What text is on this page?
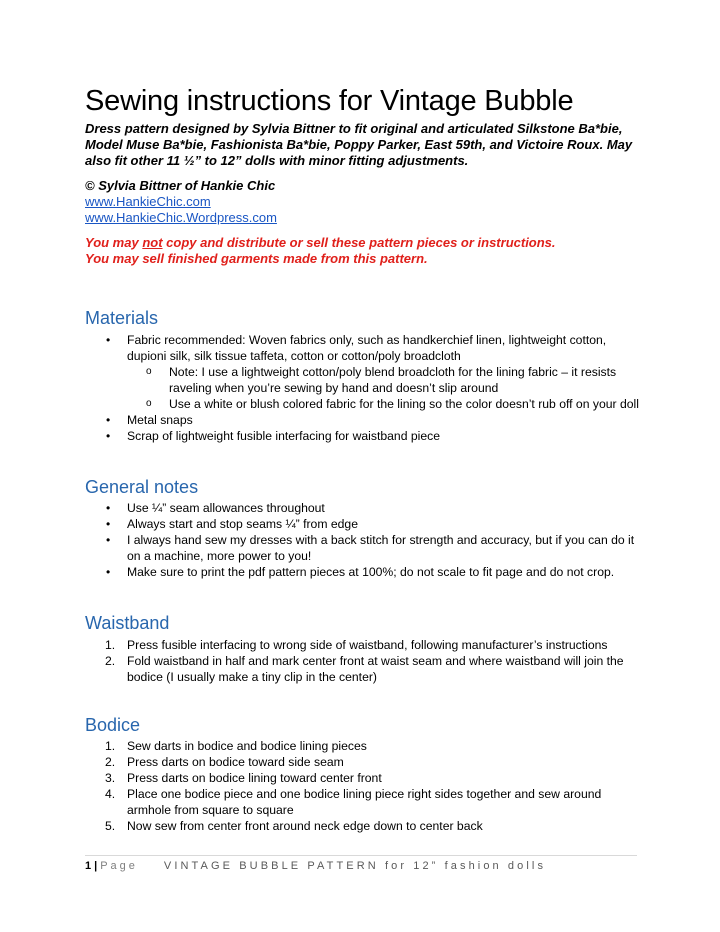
Sewing instructions for Vintage Bubble

Dress pattern designed by Sylvia Bittner to fit original and articulated Silkstone Ba*bie, Model Muse Ba*bie, Fashionista Ba*bie, Poppy Parker, East 59th, and Victoire Roux. May also fit other 11 ½” to 12” dolls with minor fitting adjustments.

© Sylvia Bittner of Hankie Chic

www.HankieChic.com
www.HankieChic.Wordpress.com

You may not copy and distribute or sell these pattern pieces or instructions.

You may sell finished garments made from this pattern.

Materials
• Fabric recommended: Woven fabrics only, such as handkerchief linen, lightweight cotton, dupioni silk, silk tissue taffeta, cotton or cotton/poly broadcloth
o Note: I use a lightweight cotton/poly blend broadcloth for the lining fabric – it resists raveling when you’re sewing by hand and doesn’t slip around
o Use a white or blush colored fabric for the lining so the color doesn’t rub off on your doll
• Metal snaps
• Scrap of lightweight fusible interfacing for waistband piece
General notes
• Use ¼” seam allowances throughout
• Always start and stop seams ¼” from edge
• I always hand sew my dresses with a back stitch for strength and accuracy, but if you can do it on a machine, more power to you!
• Make sure to print the pdf pattern pieces at 100%; do not scale to fit page and do not crop.
Waistband
1. Press fusible interfacing to wrong side of waistband, following manufacturer’s instructions
2. Fold waistband in half and mark center front at waist seam and where waistband will join the bodice (I usually make a tiny clip in the center)
Bodice
1. Sew darts in bodice and bodice lining pieces
2. Press darts on bodice toward side seam
3. Press darts on bodice lining toward center front
4. Place one bodice piece and one bodice lining piece right sides together and sew around armhole from square to square
5. Now sew from center front around neck edge down to center back
1 | Page VINTAGE BUBBLE PATTERN for 12” fashion dolls
